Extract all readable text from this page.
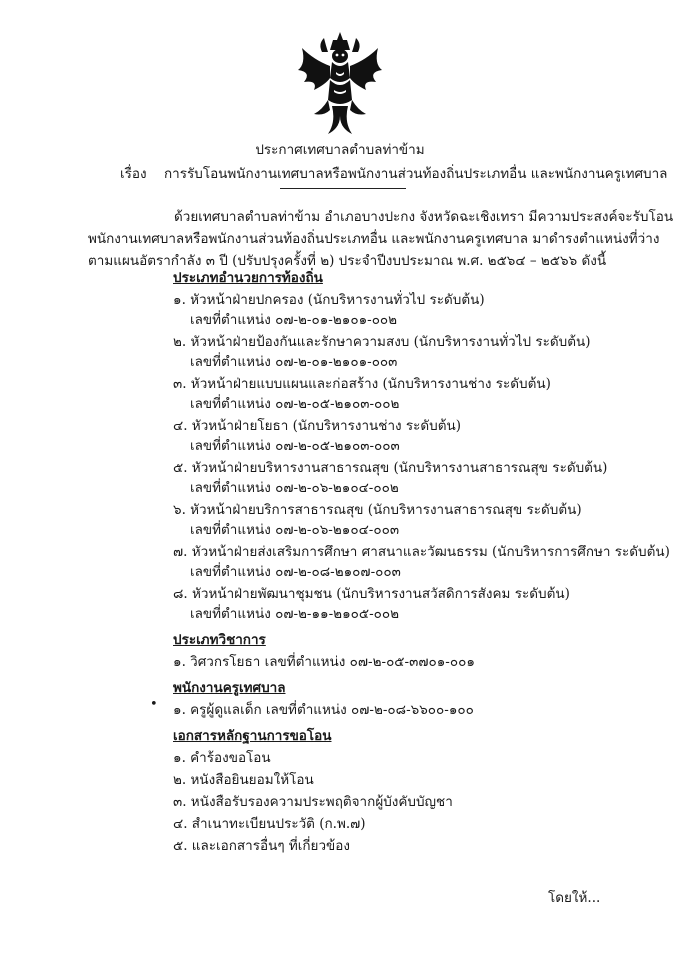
ประกาศเทศบาลตำบลท่าข้าม
เรื่อง การรับโอนพนักงานเทศบาลหรือพนักงานส่วนท้องถิ่นประเภทอื่น และพนักงานครูเทศบาล

ด้วยเทศบาลตำบลท่าข้าม อำเภอบางปะกง จังหวัดฉะเชิงเทรา มีความประสงค์จะรับโอน

พนักงานเทศบาลหรือพนักงานส่วนท้องถิ่นประเภทอื่น และพนักงานครูเทศบาล มาดำรงตำแหน่งที่ว่าง

ตามแผนอัตรากำลัง ๓ ปี (ปรับปรุงครั้งที่ ๒) ประจำปีงบประมาณ พ.ศ. ๒๕๖๔ – ๒๕๖๖ ดังนี้

ประเภทอำนวยการท้องถิ่น
๑. หัวหน้าฝ่ายปกครอง (นักบริหารงานทั่วไป ระดับต้น)
เลขที่ตำแหน่ง ๐๗-๒-๐๑-๒๑๐๑-๐๐๒
๒. หัวหน้าฝ่ายป้องกันและรักษาความสงบ (นักบริหารงานทั่วไป ระดับต้น)
เลขที่ตำแหน่ง ๐๗-๒-๐๑-๒๑๐๑-๐๐๓
๓. หัวหน้าฝ่ายแบบแผนและก่อสร้าง (นักบริหารงานช่าง ระดับต้น)
เลขที่ตำแหน่ง ๐๗-๒-๐๕-๒๑๐๓-๐๐๒
๔. หัวหน้าฝ่ายโยธา (นักบริหารงานช่าง ระดับต้น)
เลขที่ตำแหน่ง ๐๗-๒-๐๕-๒๑๐๓-๐๐๓
๕. หัวหน้าฝ่ายบริหารงานสาธารณสุข (นักบริหารงานสาธารณสุข ระดับต้น)
เลขที่ตำแหน่ง ๐๗-๒-๐๖-๒๑๐๔-๐๐๒
๖. หัวหน้าฝ่ายบริการสาธารณสุข (นักบริหารงานสาธารณสุข ระดับต้น)
เลขที่ตำแหน่ง ๐๗-๒-๐๖-๒๑๐๔-๐๐๓
๗. หัวหน้าฝ่ายส่งเสริมการศึกษา ศาสนาและวัฒนธรรม (นักบริหารการศึกษา ระดับต้น)
เลขที่ตำแหน่ง ๐๗-๒-๐๘-๒๑๐๗-๐๐๓
๘. หัวหน้าฝ่ายพัฒนาชุมชน (นักบริหารงานสวัสดิการสังคม ระดับต้น)
เลขที่ตำแหน่ง ๐๗-๒-๑๑-๒๑๐๕-๐๐๒
ประเภทวิชาการ
๑. วิศวกรโยธา เลขที่ตำแหน่ง ๐๗-๒-๐๕-๓๗๐๑-๐๐๑
พนักงานครูเทศบาล
• ๑. ครูผู้ดูแลเด็ก เลขที่ตำแหน่ง ๐๗-๒-๐๘-๖๖๐๐-๑๐๐
เอกสารหลักฐานการขอโอน
๑. คำร้องขอโอน
๒. หนังสือยินยอมให้โอน
๓. หนังสือรับรองความประพฤติจากผู้บังคับบัญชา
๔. สำเนาทะเบียนประวัติ (ก.พ.๗)
๕. และเอกสารอื่นๆ ที่เกี่ยวข้อง
โดยให้...
